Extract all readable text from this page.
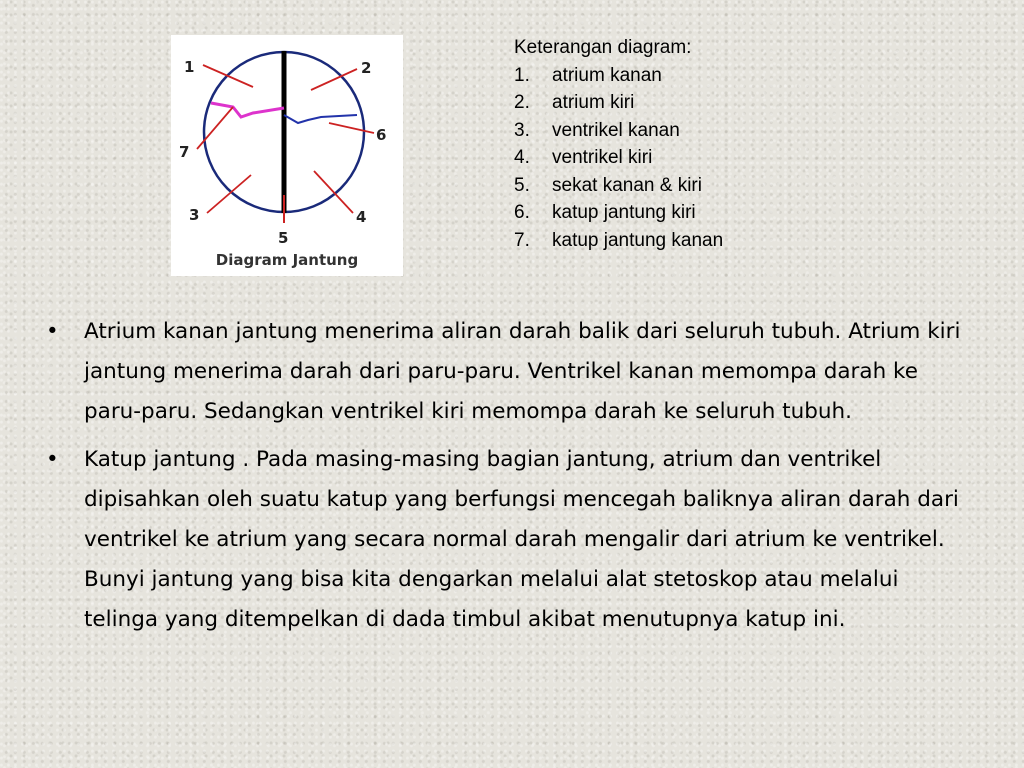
1	2
3	4
5
6
7
Diagram Jantung
Keterangan diagram:
1.	atrium kanan
2.	atrium kiri
3.	ventrikel kanan
4.	ventrikel kiri
5.	sekat kanan & kiri
6.	katup jantung kiri
7.	katup jantung kanan
• Atrium kanan jantung menerima aliran darah balik dari seluruh tubuh. Atrium kiri jantung menerima darah dari paru-paru. Ventrikel kanan memompa darah ke paru-paru. Sedangkan ventrikel kiri memompa darah ke seluruh tubuh.
• Katup jantung . Pada masing-masing bagian jantung, atrium dan ventrikel dipisahkan oleh suatu katup yang berfungsi mencegah baliknya aliran darah dari ventrikel ke atrium yang secara normal darah mengalir dari atrium ke ventrikel. Bunyi jantung yang bisa kita dengarkan melalui alat stetoskop atau melalui telinga yang ditempelkan di dada timbul akibat menutupnya katup ini.
